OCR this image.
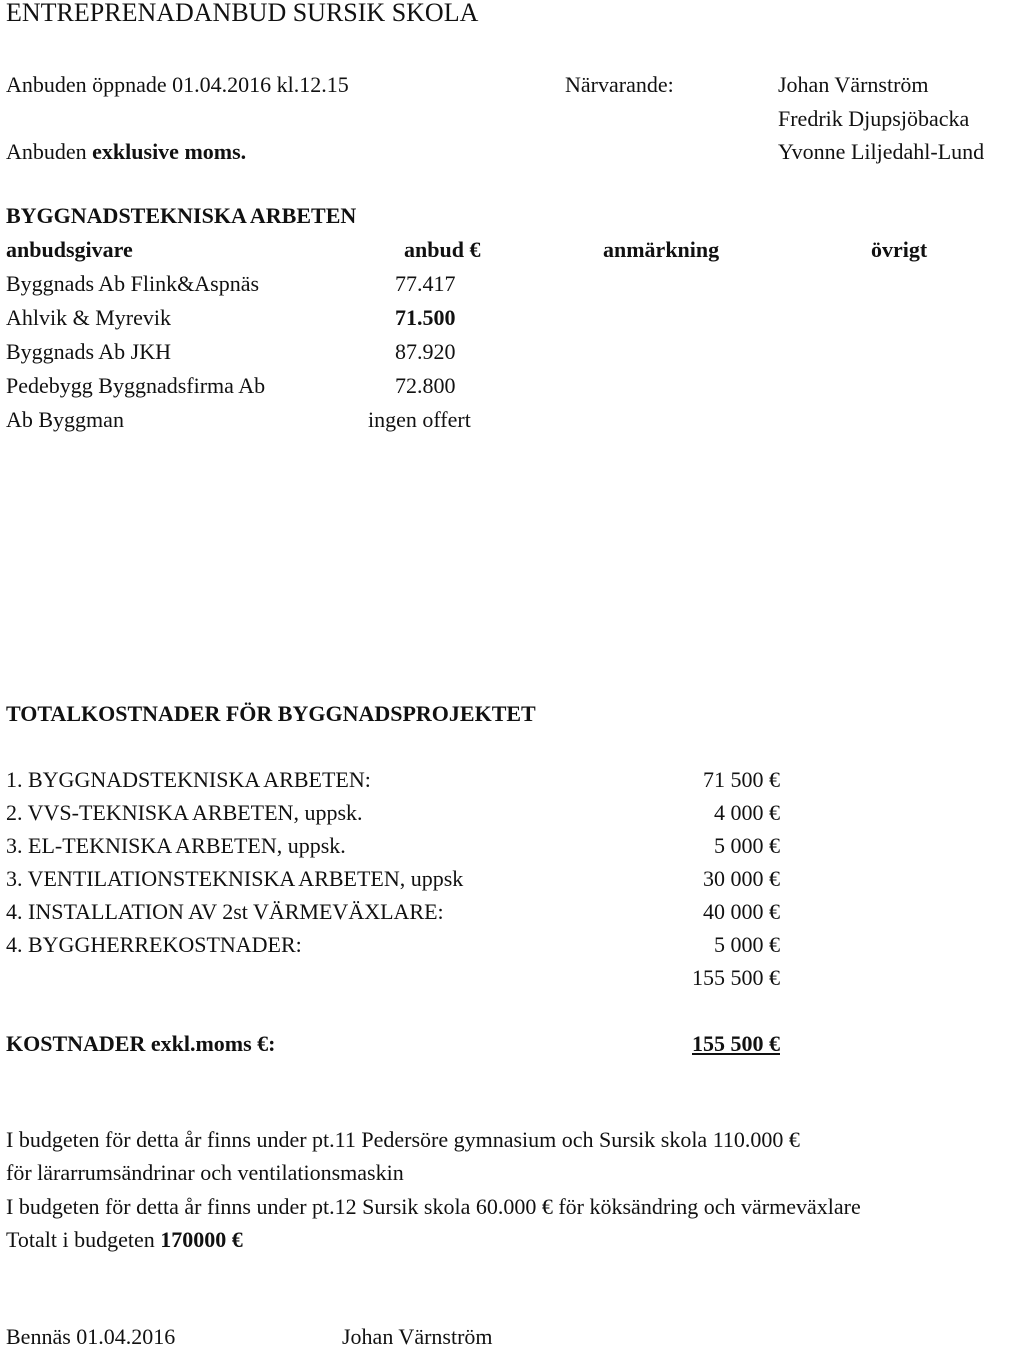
ENTREPRENADANBUD SURSIK SKOLA
Anbuden öppnade 01.04.2016 kl.12.15
Anbuden exklusive moms.
Närvarande:	Johan Värnström
Fredrik Djupsjöbacka
Yvonne Liljedahl-Lund
BYGGNADSTEKNISKA ARBETEN
anbudsgivare	anbud €	anmärkning	övrigt
Byggnads Ab Flink&Aspnäs	77.417
Ahlvik & Myrevik	71.500
Byggnads Ab JKH	87.920
Pedebygg Byggnadsfirma Ab	72.800
Ab Byggman	ingen offert
TOTALKOSTNADER FÖR BYGGNADSPROJEKTET
1. BYGGNADSTEKNISKA ARBETEN:	71 500 €
2. VVS-TEKNISKA ARBETEN, uppsk.	4 000 €
3. EL-TEKNISKA ARBETEN, uppsk.	5 000 €
3. VENTILATIONSTEKNISKA ARBETEN, uppsk	30 000 €
4. INSTALLATION AV 2st VÄRMEVÄXLARE:	40 000 €
4. BYGGHERREKOSTNADER:	5 000 €
155 500 €
KOSTNADER exkl.moms €:	155 500 €
I budgeten för detta år finns under pt.11 Pedersöre gymnasium och Sursik skola 110.000 €
för lärarrumsändrinar och ventilationsmaskin
I budgeten för detta år finns under pt.12 Sursik skola 60.000 € för köksändring och värmeväxlare
Totalt i budgeten 170000 €
Bennäs 01.04.2016	Johan Värnström
